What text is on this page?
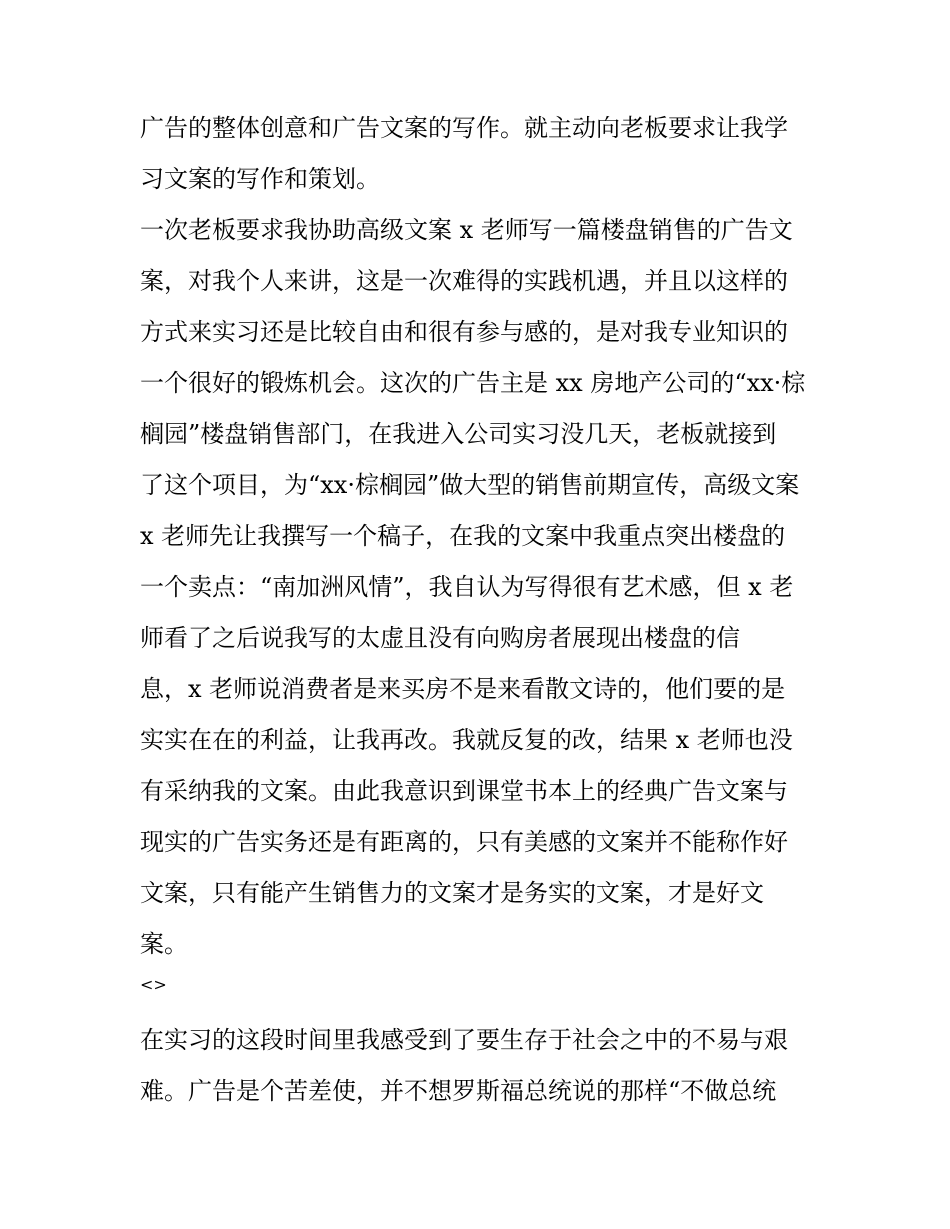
广告的整体创意和广告文案的写作。就主动向老板要求让我学
习文案的写作和策划。
一次老板要求我协助高级文案 x 老师写一篇楼盘销售的广告文
案，对我个人来讲，这是一次难得的实践机遇，并且以这样的
方式来实习还是比较自由和很有参与感的，是对我专业知识的
一个很好的锻炼机会。这次的广告主是 xx 房地产公司的“xx·棕
榈园”楼盘销售部门，在我进入公司实习没几天，老板就接到
了这个项目，为“xx·棕榈园”做大型的销售前期宣传，高级文案
x 老师先让我撰写一个稿子，在我的文案中我重点突出楼盘的
一个卖点：“南加洲风情”，我自认为写得很有艺术感，但 x 老
师看了之后说我写的太虚且没有向购房者展现出楼盘的信
息，x 老师说消费者是来买房不是来看散文诗的，他们要的是
实实在在的利益，让我再改。我就反复的改，结果 x 老师也没
有采纳我的文案。由此我意识到课堂书本上的经典广告文案与
现实的广告实务还是有距离的，只有美感的文案并不能称作好
文案，只有能产生销售力的文案才是务实的文案，才是好文
案。
<>
在实习的这段时间里我感受到了要生存于社会之中的不易与艰
难。广告是个苦差使，并不想罗斯福总统说的那样“不做总统
